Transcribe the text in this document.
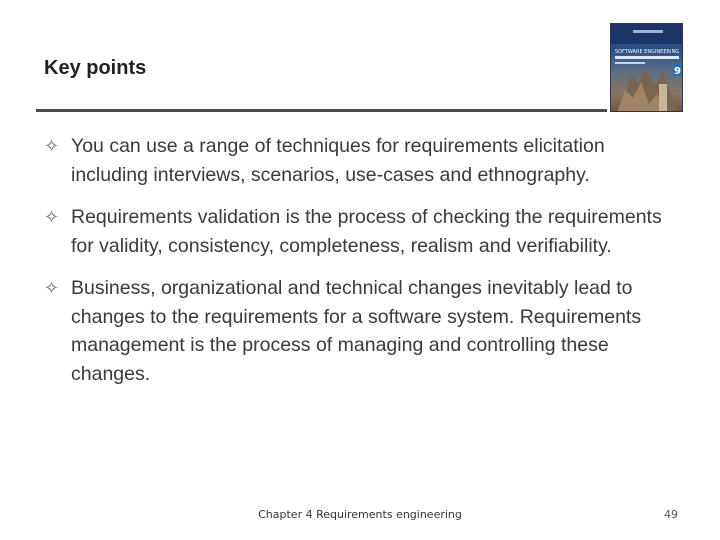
Key points	9
SOFTWARE ENGINEERING
✧ You can use a range of techniques for requirements elicitation including interviews, scenarios, use-cases and ethnography.
✧ Requirements validation is the process of checking the requirements for validity, consistency, completeness, realism and verifiability.
✧ Business, organizational and technical changes inevitably lead to changes to the requirements for a software system. Requirements management is the process of managing and controlling these changes.
Chapter 4 Requirements engineering	49
